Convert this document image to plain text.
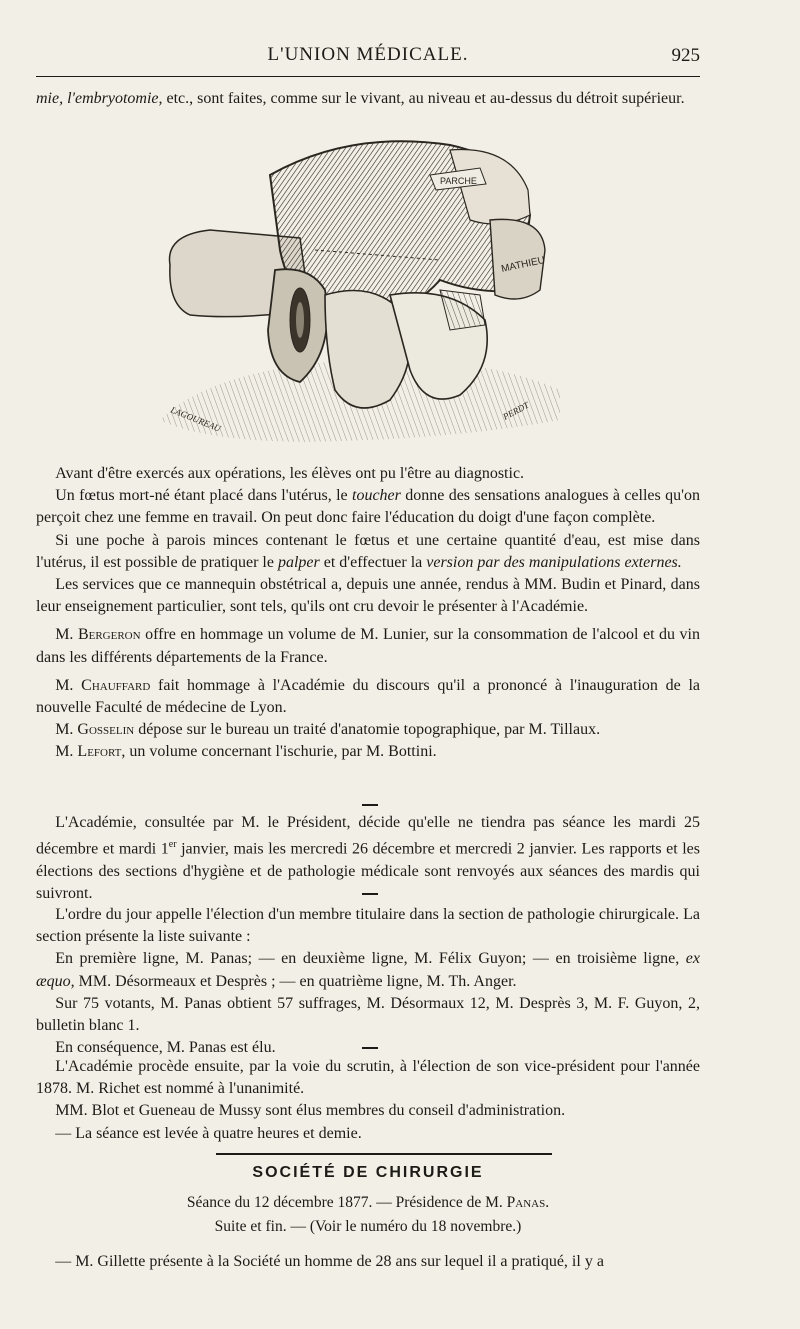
L'UNION MÉDICALE.	925

mie, l'embryotomie, etc., sont faites, comme sur le vivant, au niveau et au-dessus du détroit supérieur.

PARCHE
MATHIEU
LAGOUREAU	PERDT

Avant d'être exercés aux opérations, les élèves ont pu l'être au diagnostic.

Un fœtus mort-né étant placé dans l'utérus, le toucher donne des sensations analogues à celles qu'on perçoit chez une femme en travail. On peut donc faire l'éducation du doigt d'une façon complète.

Si une poche à parois minces contenant le fœtus et une certaine quantité d'eau, est mise dans l'utérus, il est possible de pratiquer le palper et d'effectuer la version par des manipulations externes.

Les services que ce mannequin obstétrical a, depuis une année, rendus à MM. Budin et Pinard, dans leur enseignement particulier, sont tels, qu'ils ont cru devoir le présenter à l'Académie.

M. Bergeron offre en hommage un volume de M. Lunier, sur la consommation de l'alcool et du vin dans les différents départements de la France.

M. Chauffard fait hommage à l'Académie du discours qu'il a prononcé à l'inauguration de la nouvelle Faculté de médecine de Lyon.

M. Gosselin dépose sur le bureau un traité d'anatomie topographique, par M. Tillaux.

M. Lefort, un volume concernant l'ischurie, par M. Bottini.

L'Académie, consultée par M. le Président, décide qu'elle ne tiendra pas séance les mardi 25 décembre et mardi 1er janvier, mais les mercredi 26 décembre et mercredi 2 janvier. Les rapports et les élections des sections d'hygiène et de pathologie médicale sont renvoyés aux séances des mardis qui suivront.

L'ordre du jour appelle l'élection d'un membre titulaire dans la section de pathologie chirurgicale. La section présente la liste suivante :

En première ligne, M. Panas; — en deuxième ligne, M. Félix Guyon; — en troisième ligne, ex æquo, MM. Désormeaux et Desprès ; — en quatrième ligne, M. Th. Anger.

Sur 75 votants, M. Panas obtient 57 suffrages, M. Désormaux 12, M. Desprès 3, M. F. Guyon, 2, bulletin blanc 1.

En conséquence, M. Panas est élu.

L'Académie procède ensuite, par la voie du scrutin, à l'élection de son vice-président pour l'année 1878. M. Richet est nommé à l'unanimité.

MM. Blot et Gueneau de Mussy sont élus membres du conseil d'administration.

— La séance est levée à quatre heures et demie.

SOCIÉTÉ DE CHIRURGIE
Séance du 12 décembre 1877. — Présidence de M. Panas.
Suite et fin. — (Voir le numéro du 18 novembre.)

— M. Gillette présente à la Société un homme de 28 ans sur lequel il a pratiqué, il y a
